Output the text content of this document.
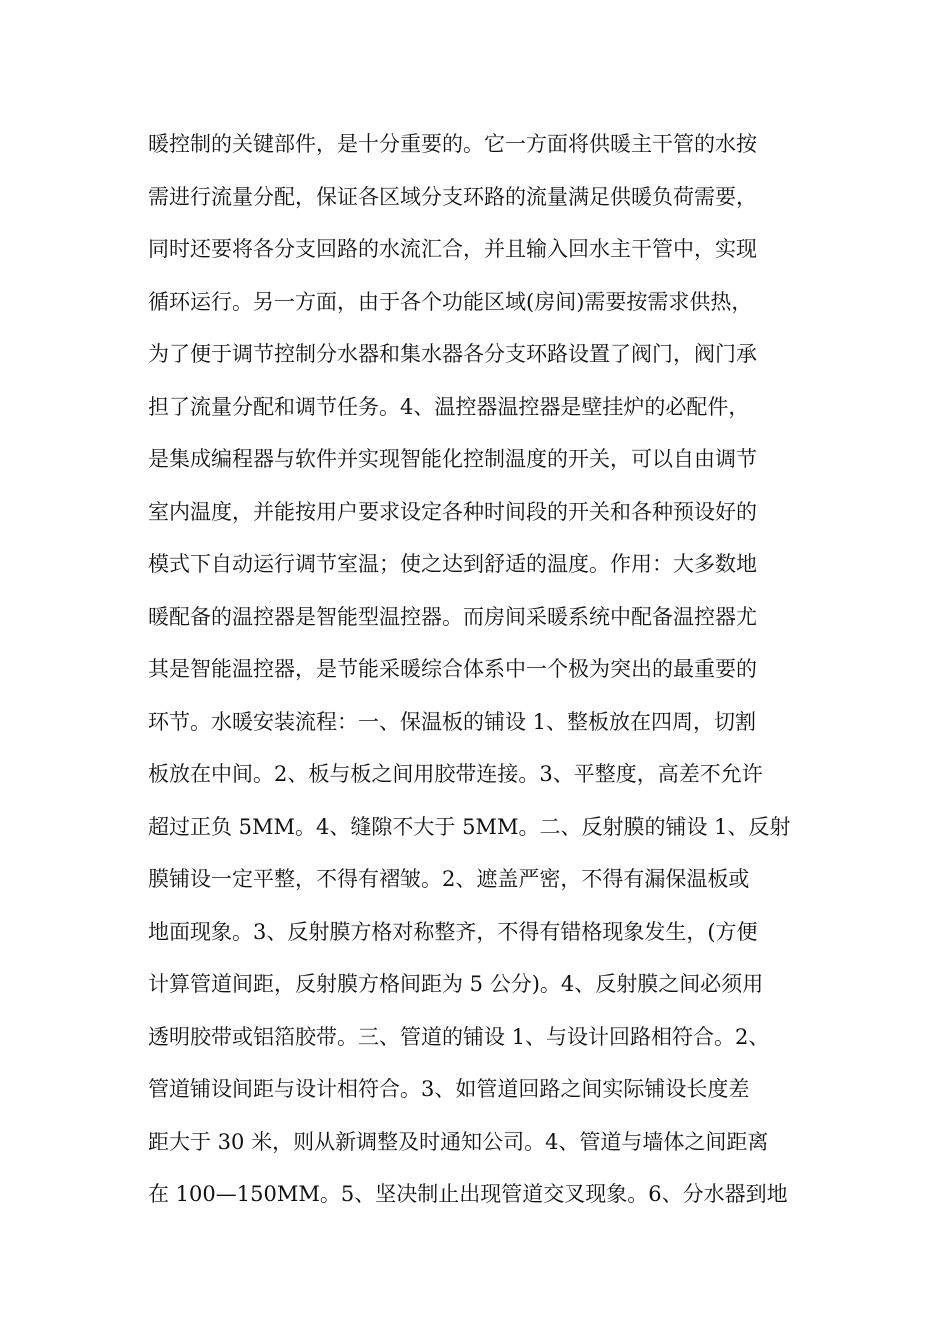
暖控制的关键部件，是十分重要的。它一方面将供暖主干管的水按
需进行流量分配，保证各区域分支环路的流量满足供暖负荷需要，
同时还要将各分支回路的水流汇合，并且输入回水主干管中，实现
循环运行。另一方面，由于各个功能区域(房间)需要按需求供热，
为了便于调节控制分水器和集水器各分支环路设置了阀门，阀门承
担了流量分配和调节任务。4、温控器温控器是壁挂炉的必配件，
是集成编程器与软件并实现智能化控制温度的开关，可以自由调节
室内温度，并能按用户要求设定各种时间段的开关和各种预设好的
模式下自动运行调节室温；使之达到舒适的温度。作用：大多数地
暖配备的温控器是智能型温控器。而房间采暖系统中配备温控器尤
其是智能温控器，是节能采暖综合体系中一个极为突出的最重要的
环节。水暖安装流程：一、保温板的铺设 1、整板放在四周，切割
板放在中间。2、板与板之间用胶带连接。3、平整度，高差不允许
超过正负 5MM。4、缝隙不大于 5MM。二、反射膜的铺设 1、反射
膜铺设一定平整，不得有褶皱。2、遮盖严密，不得有漏保温板或
地面现象。3、反射膜方格对称整齐，不得有错格现象发生，(方便
计算管道间距，反射膜方格间距为 5 公分)。4、反射膜之间必须用
透明胶带或铝箔胶带。三、管道的铺设 1、与设计回路相符合。2、
管道铺设间距与设计相符合。3、如管道回路之间实际铺设长度差
距大于 30 米，则从新调整及时通知公司。4、管道与墙体之间距离
在 100—150MM。5、坚决制止出现管道交叉现象。6、分水器到地
